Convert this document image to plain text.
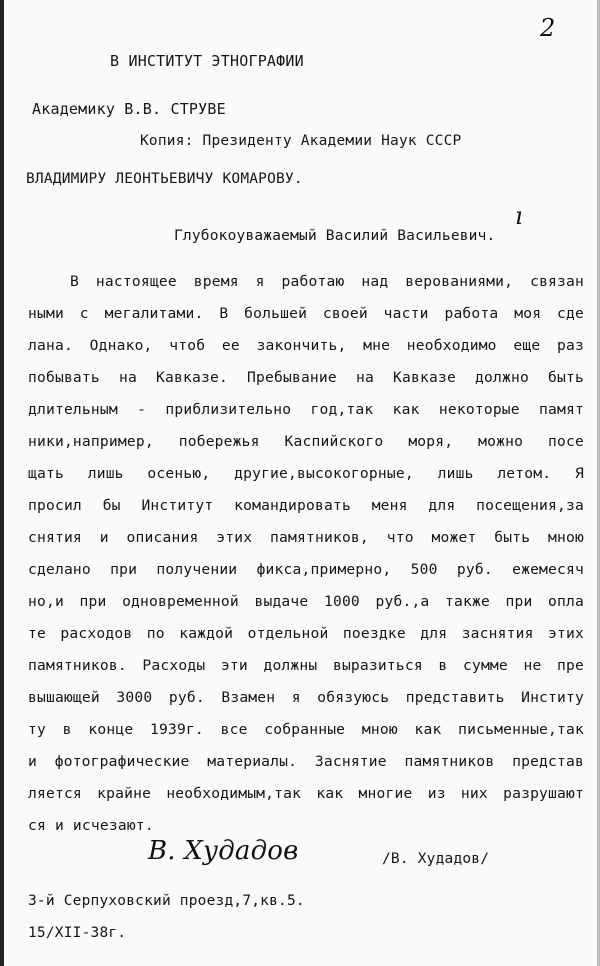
2
В ИНСТИТУТ ЭТНОГРАФИИ
Академику В.В. СТРУВЕ
Копия: Президенту Академии Наук СССР
ВЛАДИМИРУ ЛЕОНТЬЕВИЧУ КОМАРОВУ.
Глубокоуважаемый Василий Васильевич.
ı
В настоящее время я работаю над верованиями, связан
ными с мегалитами. В большей своей части работа моя сде
лана. Однако, чтоб ее закончить, мне необходимо еще раз
побывать на Кавказе. Пребывание на Кавказе должно быть
длительным - приблизительно год,так как некоторые памят
ники,например, побережья Каспийского моря, можно посе
щать лишь осенью, другие,высокогорные, лишь летом. Я
просил бы Институт командировать меня для посещения,за
снятия и описания этих памятников, что может быть мною
сделано при получении фикса,примерно, 500 руб. ежемесяч
но,и при одновременной выдаче 1000 руб.,а также при опла
те расходов по каждой отдельной поездке для заснятия этих
памятников. Расходы эти должны выразиться в сумме не пре
вышающей 3000 руб. Взамен я обязуюсь представить Институ
ту в конце 1939г. все собранные мною как письменные,так
и фотографические материалы. Заснятие памятников представ
ляется крайне необходимым,так как многие из них разрушают
ся и исчезают.
В. Худадов	/В. Худадов/
3-й Серпуховский проезд,7,кв.5.
15/XII-38г.
